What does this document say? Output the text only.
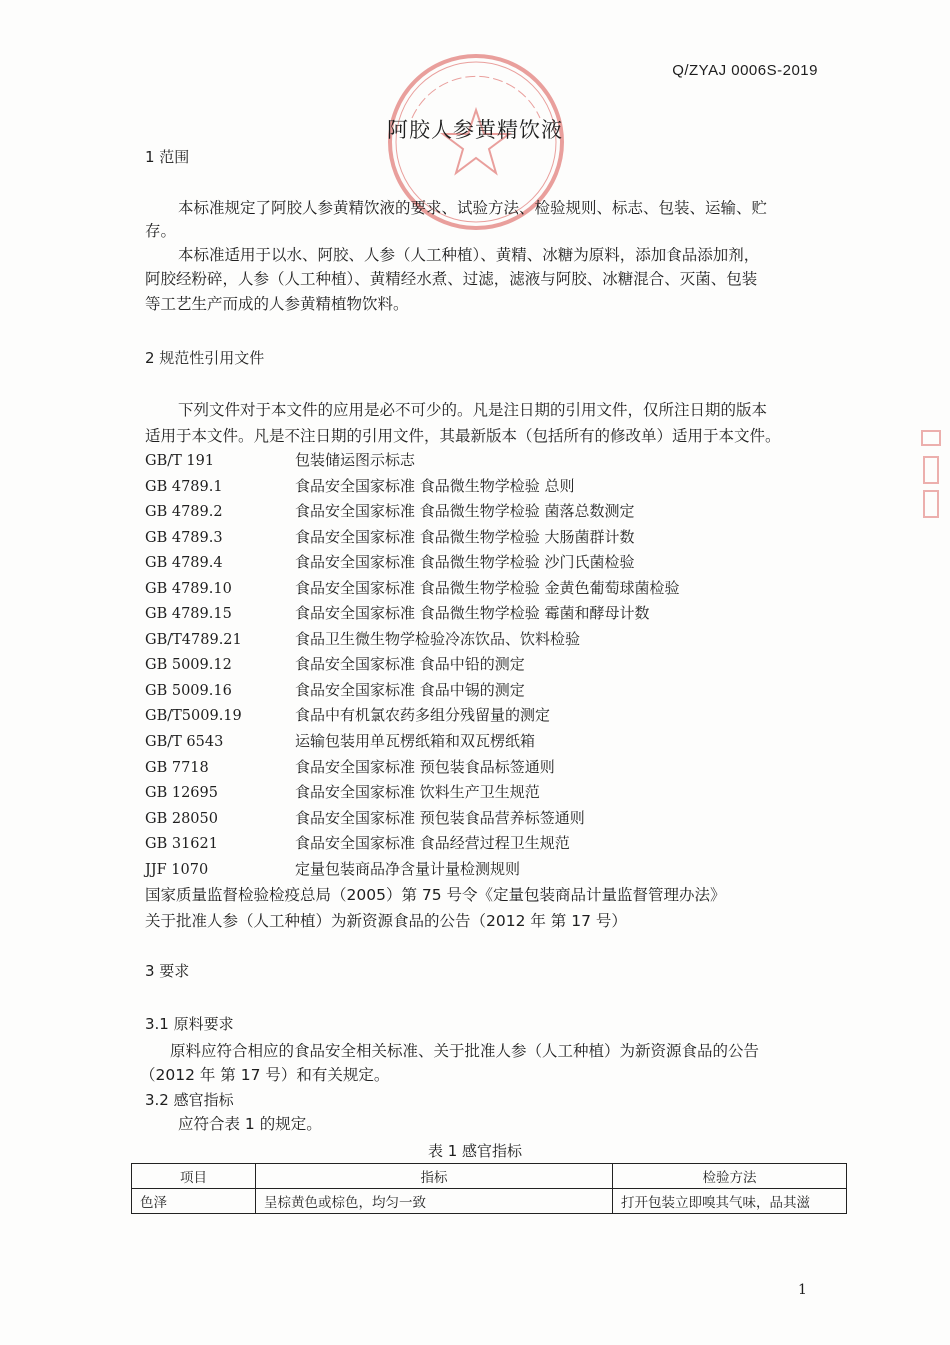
Q/ZYAJ 0006S-2019
阿胶人参黄精饮液
1 范围
本标准规定了阿胶人参黄精饮液的要求、试验方法、检验规则、标志、包装、运输、贮
存。
本标准适用于以水、阿胶、人参（人工种植）、黄精、冰糖为原料，添加食品添加剂，
阿胶经粉碎，人参（人工种植）、黄精经水煮、过滤，滤液与阿胶、冰糖混合、灭菌、包装
等工艺生产而成的人参黄精植物饮料。
2 规范性引用文件
下列文件对于本文件的应用是必不可少的。凡是注日期的引用文件，仅所注日期的版本
适用于本文件。凡是不注日期的引用文件，其最新版本（包括所有的修改单）适用于本文件。
GB/T 191	包装储运图示标志
GB 4789.1	食品安全国家标准 食品微生物学检验 总则
GB 4789.2	食品安全国家标准 食品微生物学检验 菌落总数测定
GB 4789.3	食品安全国家标准 食品微生物学检验 大肠菌群计数
GB 4789.4	食品安全国家标准 食品微生物学检验 沙门氏菌检验
GB 4789.10	食品安全国家标准 食品微生物学检验 金黄色葡萄球菌检验
GB 4789.15	食品安全国家标准 食品微生物学检验 霉菌和酵母计数
GB/T4789.21	食品卫生微生物学检验冷冻饮品、饮料检验
GB 5009.12	食品安全国家标准 食品中铅的测定
GB 5009.16	食品安全国家标准 食品中锡的测定
GB/T5009.19	食品中有机氯农药多组分残留量的测定
GB/T 6543	运输包装用单瓦楞纸箱和双瓦楞纸箱
GB 7718	食品安全国家标准 预包装食品标签通则
GB 12695	食品安全国家标准 饮料生产卫生规范
GB 28050	食品安全国家标准 预包装食品营养标签通则
GB 31621	食品安全国家标准 食品经营过程卫生规范
JJF 1070	定量包装商品净含量计量检测规则
国家质量监督检验检疫总局（2005）第 75 号令《定量包装商品计量监督管理办法》
关于批准人参（人工种植）为新资源食品的公告（2012 年 第 17 号）
3 要求
3.1 原料要求
原料应符合相应的食品安全相关标准、关于批准人参（人工种植）为新资源食品的公告
（2012 年 第 17 号）和有关规定。
3.2 感官指标
应符合表 1 的规定。
表 1 感官指标
项目	指标	检验方法
色泽	呈棕黄色或棕色，均匀一致	打开包装立即嗅其气味，品其滋
1
